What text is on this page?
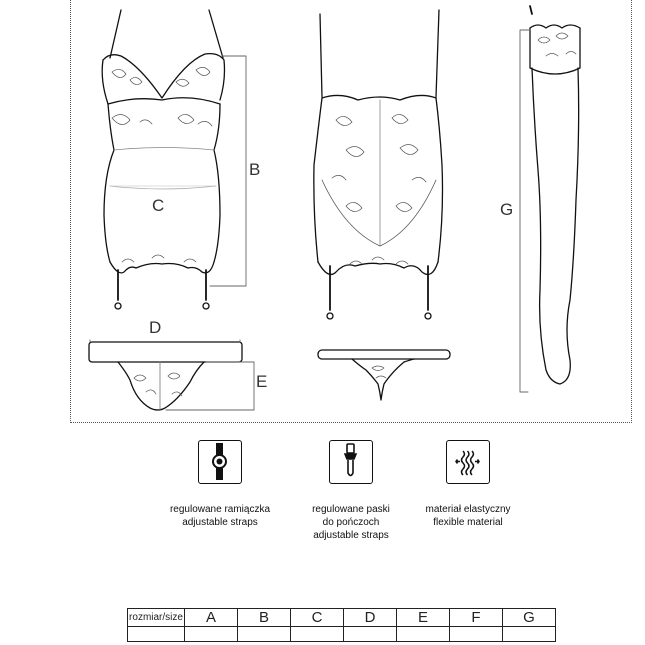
B
C
D
E
G
regulowane ramiączka
adjustable straps
regulowane paski
do pończoch
adjustable straps
materiał elastyczny
flexible material
rozmiar/size	A	B	C	D	E	F	G
